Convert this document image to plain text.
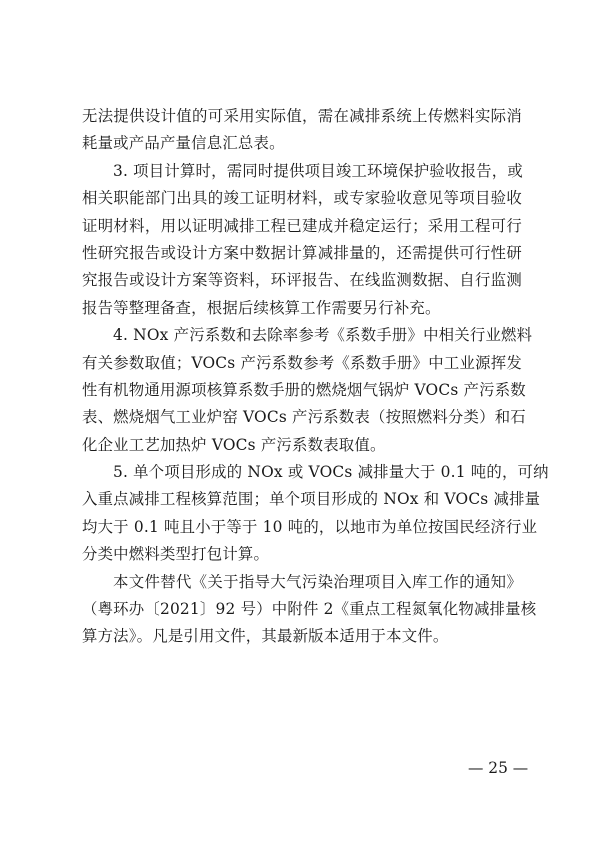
无法提供设计值的可采用实际值，需在减排系统上传燃料实际消
耗量或产品产量信息汇总表。
3. 项目计算时，需同时提供项目竣工环境保护验收报告，或
相关职能部门出具的竣工证明材料，或专家验收意见等项目验收
证明材料，用以证明减排工程已建成并稳定运行；采用工程可行
性研究报告或设计方案中数据计算减排量的，还需提供可行性研
究报告或设计方案等资料，环评报告、在线监测数据、自行监测
报告等整理备查，根据后续核算工作需要另行补充。
4. NOx 产污系数和去除率参考《系数手册》中相关行业燃料
有关参数取值；VOCs 产污系数参考《系数手册》中工业源挥发
性有机物通用源项核算系数手册的燃烧烟气锅炉 VOCs 产污系数
表、燃烧烟气工业炉窑 VOCs 产污系数表（按照燃料分类）和石
化企业工艺加热炉 VOCs 产污系数表取值。
5. 单个项目形成的 NOx 或 VOCs 减排量大于 0.1 吨的，可纳
入重点减排工程核算范围；单个项目形成的 NOx 和 VOCs 减排量
均大于 0.1 吨且小于等于 10 吨的，以地市为单位按国民经济行业
分类中燃料类型打包计算。
本文件替代《关于指导大气污染治理项目入库工作的通知》
（粤环办〔2021〕92 号）中附件 2《重点工程氮氧化物减排量核
算方法》。凡是引用文件，其最新版本适用于本文件。
— 25 —
